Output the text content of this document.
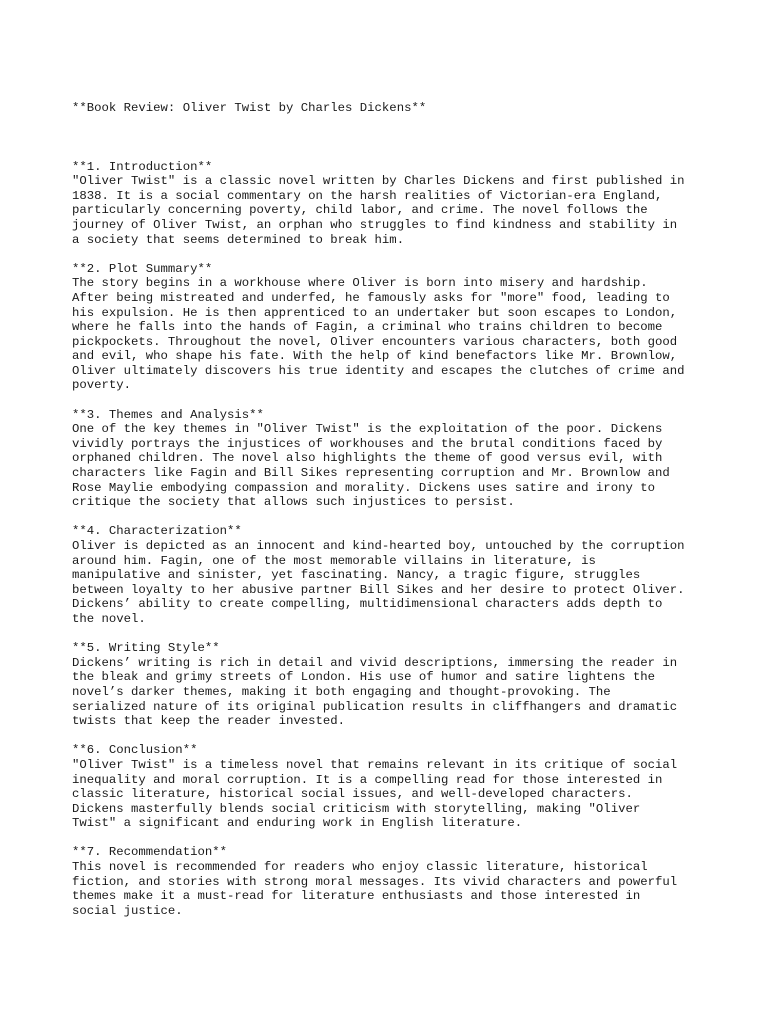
**Book Review: Oliver Twist by Charles Dickens**

**1. Introduction**
"Oliver Twist" is a classic novel written by Charles Dickens and first published in
1838. It is a social commentary on the harsh realities of Victorian-era England,
particularly concerning poverty, child labor, and crime. The novel follows the
journey of Oliver Twist, an orphan who struggles to find kindness and stability in
a society that seems determined to break him.
**2. Plot Summary**
The story begins in a workhouse where Oliver is born into misery and hardship.
After being mistreated and underfed, he famously asks for "more" food, leading to
his expulsion. He is then apprenticed to an undertaker but soon escapes to London,
where he falls into the hands of Fagin, a criminal who trains children to become
pickpockets. Throughout the novel, Oliver encounters various characters, both good
and evil, who shape his fate. With the help of kind benefactors like Mr. Brownlow,
Oliver ultimately discovers his true identity and escapes the clutches of crime and
poverty.
**3. Themes and Analysis**
One of the key themes in "Oliver Twist" is the exploitation of the poor. Dickens
vividly portrays the injustices of workhouses and the brutal conditions faced by
orphaned children. The novel also highlights the theme of good versus evil, with
characters like Fagin and Bill Sikes representing corruption and Mr. Brownlow and
Rose Maylie embodying compassion and morality. Dickens uses satire and irony to
critique the society that allows such injustices to persist.
**4. Characterization**
Oliver is depicted as an innocent and kind-hearted boy, untouched by the corruption
around him. Fagin, one of the most memorable villains in literature, is
manipulative and sinister, yet fascinating. Nancy, a tragic figure, struggles
between loyalty to her abusive partner Bill Sikes and her desire to protect Oliver.
Dickens’ ability to create compelling, multidimensional characters adds depth to
the novel.
**5. Writing Style**
Dickens’ writing is rich in detail and vivid descriptions, immersing the reader in
the bleak and grimy streets of London. His use of humor and satire lightens the
novel’s darker themes, making it both engaging and thought-provoking. The
serialized nature of its original publication results in cliffhangers and dramatic
twists that keep the reader invested.
**6. Conclusion**
"Oliver Twist" is a timeless novel that remains relevant in its critique of social
inequality and moral corruption. It is a compelling read for those interested in
classic literature, historical social issues, and well-developed characters.
Dickens masterfully blends social criticism with storytelling, making "Oliver
Twist" a significant and enduring work in English literature.
**7. Recommendation**
This novel is recommended for readers who enjoy classic literature, historical
fiction, and stories with strong moral messages. Its vivid characters and powerful
themes make it a must-read for literature enthusiasts and those interested in
social justice.
